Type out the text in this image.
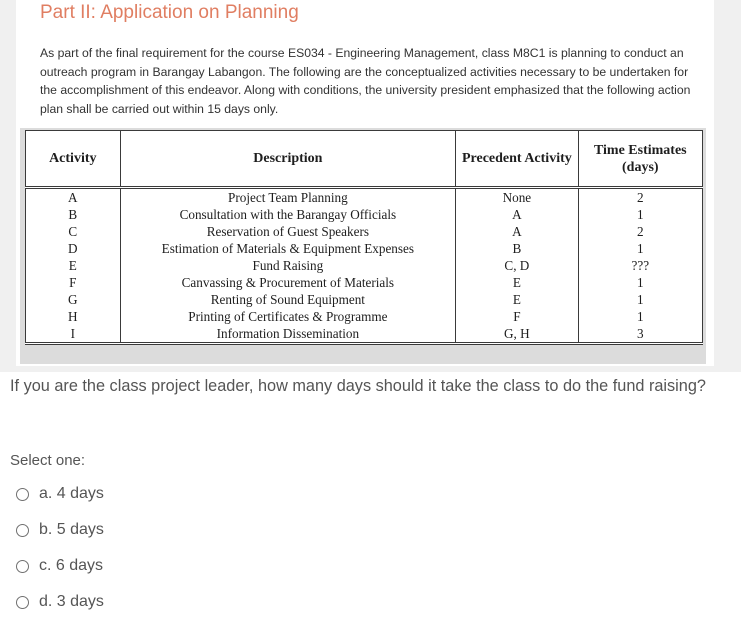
Part II: Application on Planning
As part of the final requirement for the course ES034 - Engineering Management, class M8C1 is planning to conduct an outreach program in Barangay Labangon. The following are the conceptualized activities necessary to be undertaken for the accomplishment of this endeavor. Along with conditions, the university president emphasized that the following action plan shall be carried out within 15 days only.
Activity	Description	Precedent Activity	Time Estimates (days)
A	Project Team Planning	None	2
B	Consultation with the Barangay Officials	A	1
C	Reservation of Guest Speakers	A	2
D	Estimation of Materials & Equipment Expenses	B	1
E	Fund Raising	C, D	???
F	Canvassing & Procurement of Materials	E	1
G	Renting of Sound Equipment	E	1
H	Printing of Certificates & Programme	F	1
I	Information Dissemination	G, H	3
If you are the class project leader, how many days should it take the class to do the fund raising?
Select one:
a. 4 days
b. 5 days
c. 6 days
d. 3 days
